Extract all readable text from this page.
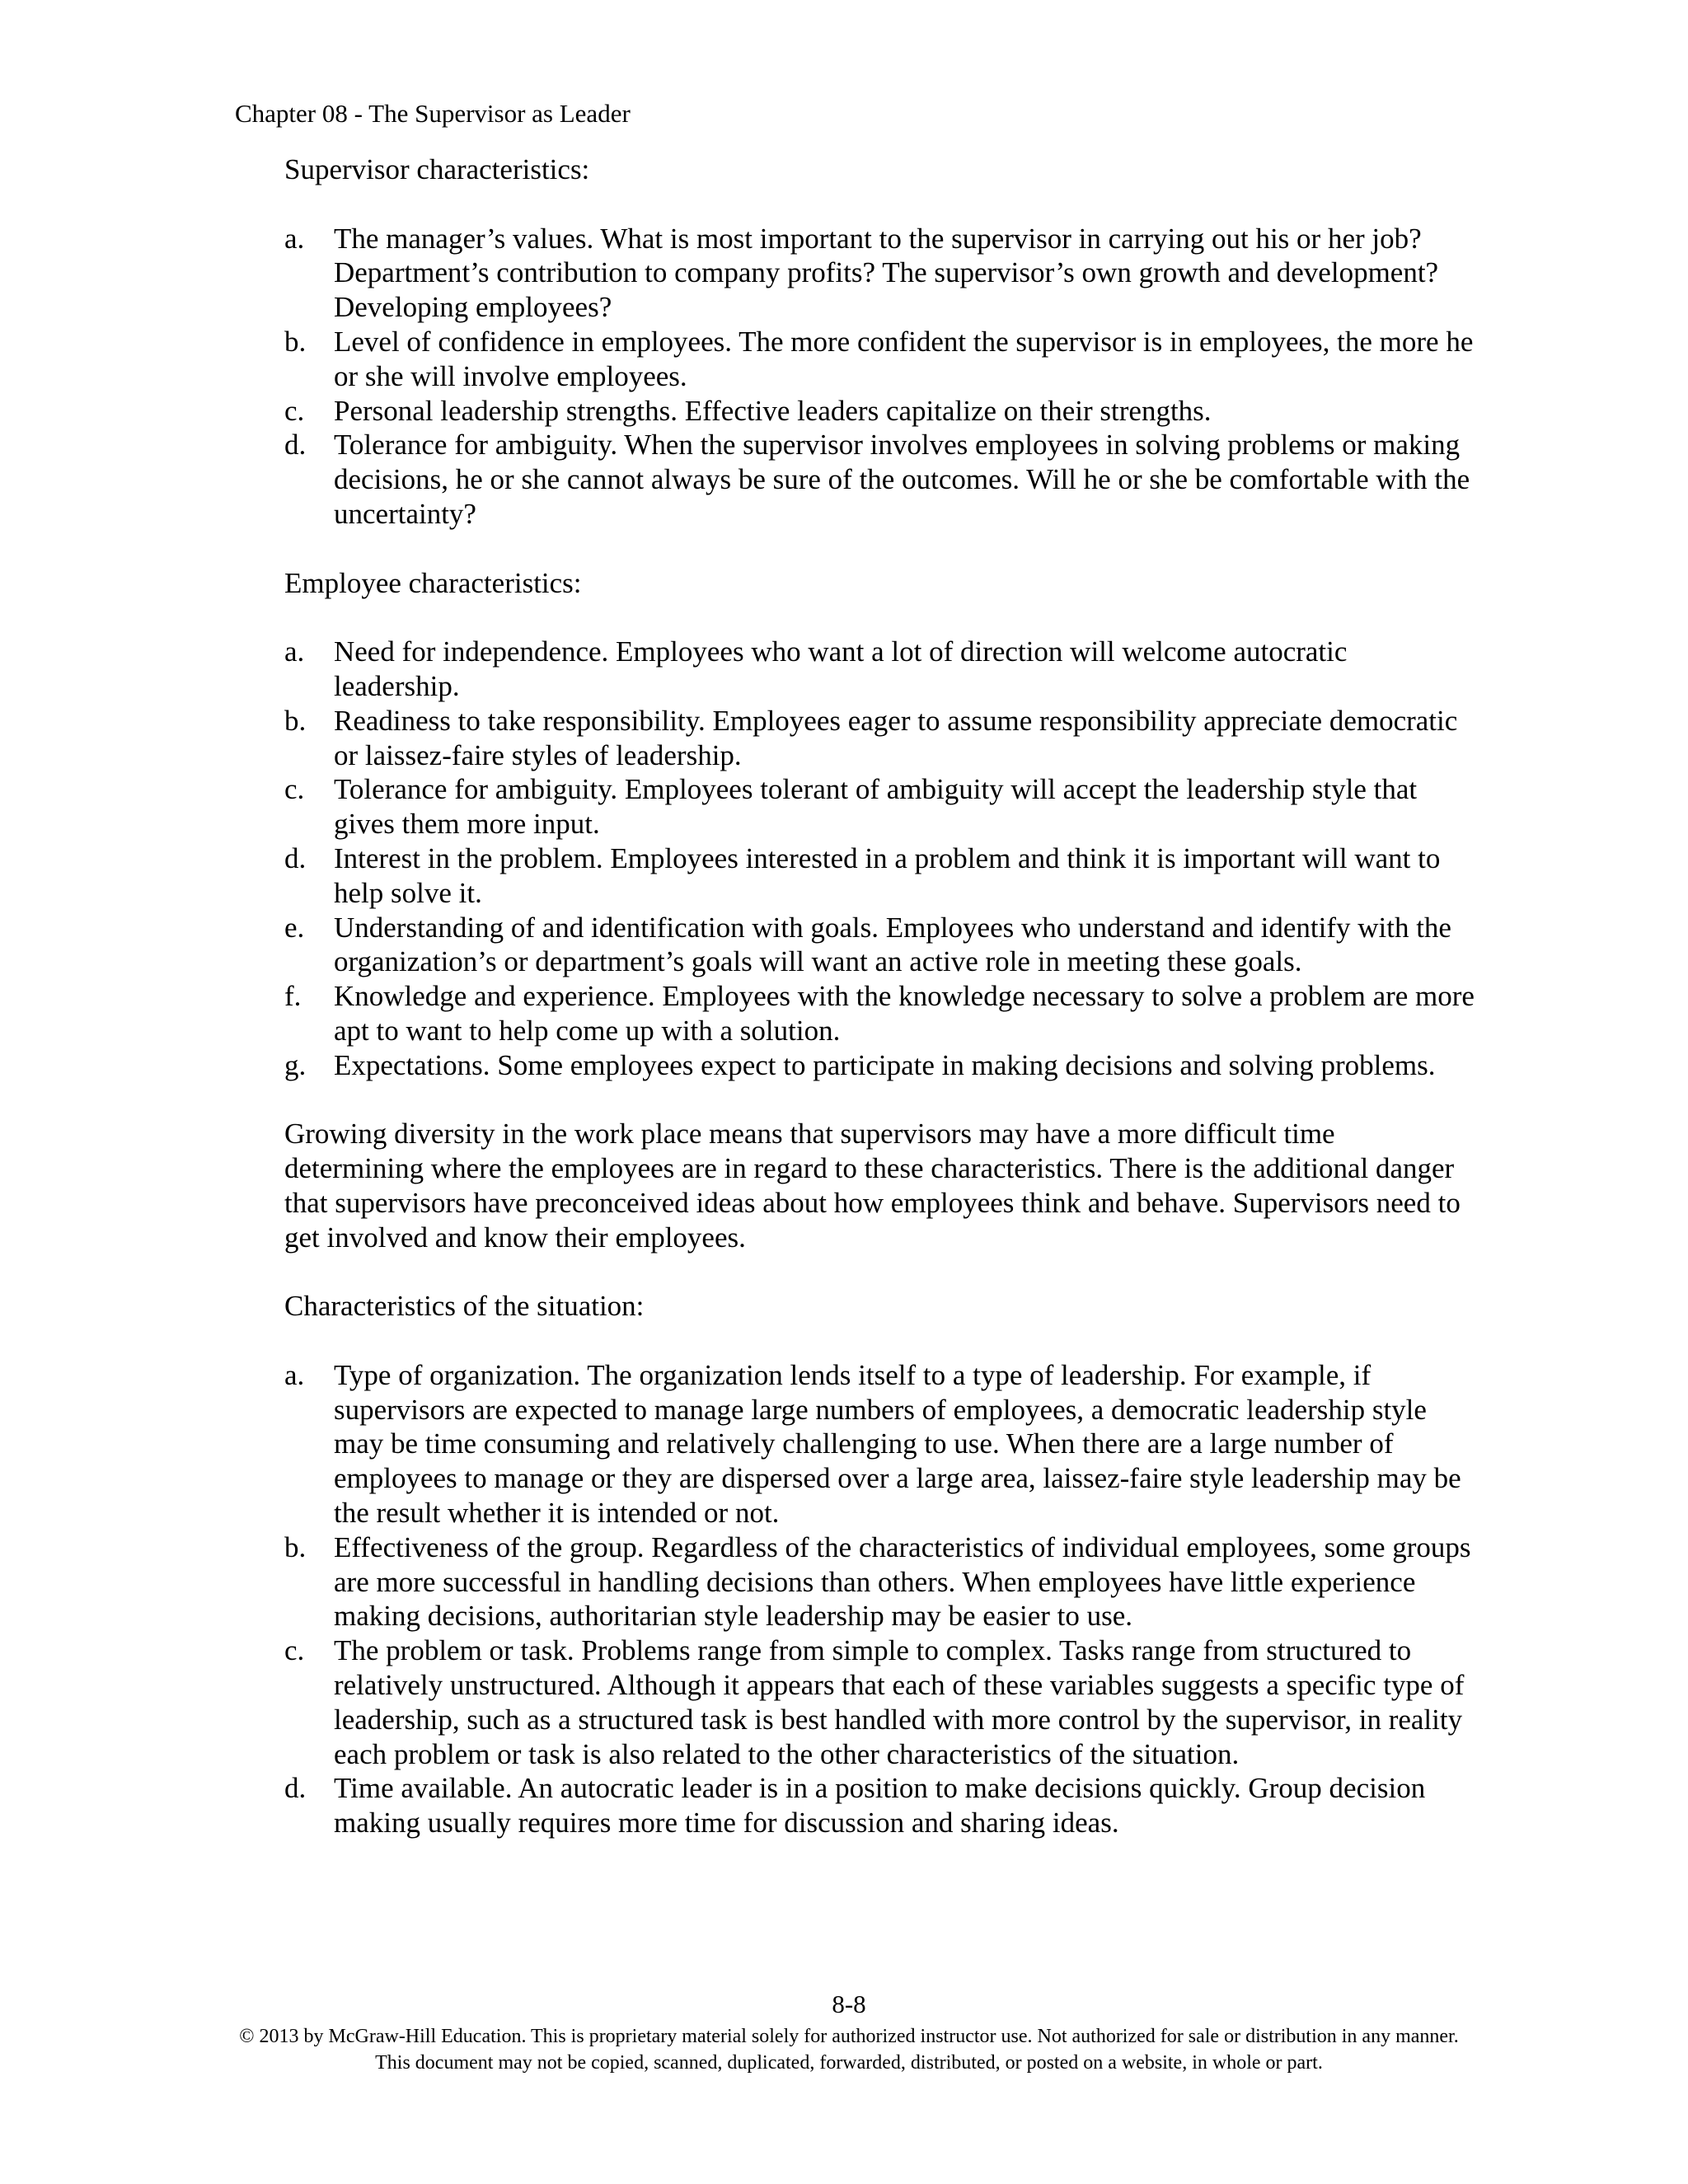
Chapter 08 - The Supervisor as Leader

Supervisor characteristics:

a.	The manager’s values. What is most important to the supervisor in carrying out his or her job? Department’s contribution to company profits? The supervisor’s own growth and development? Developing employees?
b. Level of confidence in employees. The more confident the supervisor is in employees, the more he or she will involve employees.
c.	Personal leadership strengths. Effective leaders capitalize on their strengths.
d. Tolerance for ambiguity. When the supervisor involves employees in solving problems or making decisions, he or she cannot always be sure of the outcomes. Will he or she be comfortable with the uncertainty?

Employee characteristics:

a.	Need for independence. Employees who want a lot of direction will welcome autocratic leadership.
b. Readiness to take responsibility. Employees eager to assume responsibility appreciate democratic or laissez-faire styles of leadership.
c.	Tolerance for ambiguity. Employees tolerant of ambiguity will accept the leadership style that gives them more input.
d. Interest in the problem. Employees interested in a problem and think it is important will want to help solve it.
e.	Understanding of and identification with goals. Employees who understand and identify with the organization’s or department’s goals will want an active role in meeting these goals.
f.	Knowledge and experience. Employees with the knowledge necessary to solve a problem are more apt to want to help come up with a solution.
g. Expectations. Some employees expect to participate in making decisions and solving problems.

Growing diversity in the work place means that supervisors may have a more difficult time determining where the employees are in regard to these characteristics. There is the additional danger that supervisors have preconceived ideas about how employees think and behave. Supervisors need to get involved and know their employees.

Characteristics of the situation:

a.	Type of organization. The organization lends itself to a type of leadership. For example, if supervisors are expected to manage large numbers of employees, a democratic leadership style may be time consuming and relatively challenging to use. When there are a large number of employees to manage or they are dispersed over a large area, laissez-faire style leadership may be the result whether it is intended or not.
b. Effectiveness of the group. Regardless of the characteristics of individual employees, some groups are more successful in handling decisions than others. When employees have little experience making decisions, authoritarian style leadership may be easier to use.
c.	The problem or task. Problems range from simple to complex. Tasks range from structured to relatively unstructured. Although it appears that each of these variables suggests a specific type of leadership, such as a structured task is best handled with more control by the supervisor, in reality each problem or task is also related to the other characteristics of the situation.
d. Time available. An autocratic leader is in a position to make decisions quickly. Group decision making usually requires more time for discussion and sharing ideas.
8-8
© 2013 by McGraw-Hill Education. This is proprietary material solely for authorized instructor use. Not authorized for sale or distribution in any manner. This document may not be copied, scanned, duplicated, forwarded, distributed, or posted on a website, in whole or part.
